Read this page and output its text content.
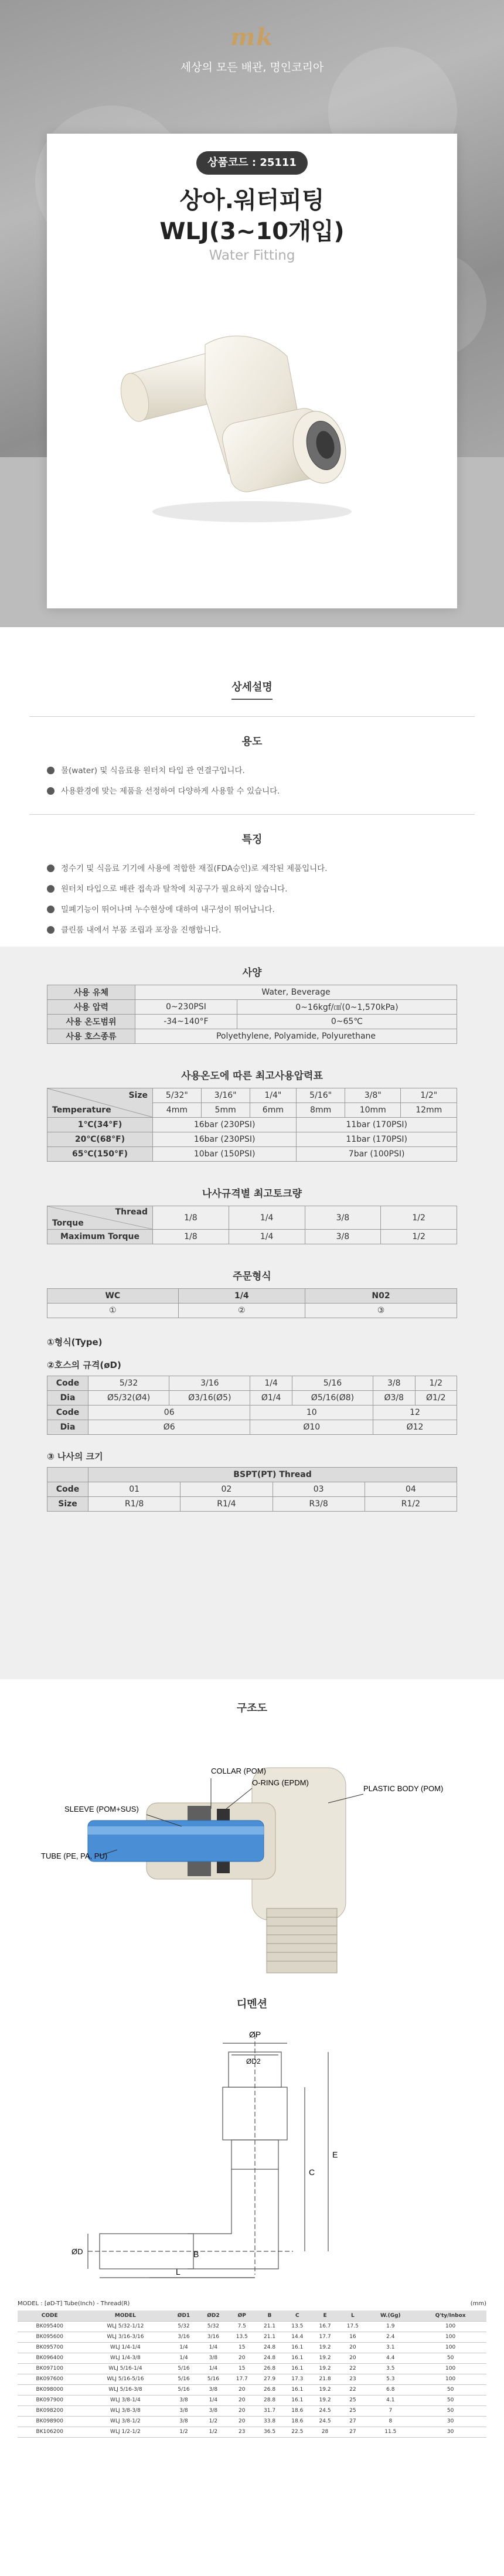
mk
세상의 모든 배관, 명인코리아
상품코드 : 25111
상아.워터피팅
WLJ(3~10개입)
Water Fitting
상세설명
용도
물(water) 및 식음료용 원터치 타입 관 연결구입니다.
사용환경에 맞는 제품을 선정하여 다양하게 사용할 수 있습니다.
특징
정수기 및 식음료 기기에 사용에 적합한 재질(FDA승인)로 제작된 제품입니다.
원터치 타입으로 배관 접속과 탈착에 치공구가 필요하지 않습니다.
밀폐기능이 뛰어나며 누수현상에 대하여 내구성이 뛰어납니다.
클린룸 내에서 부품 조립과 포장을 진행합니다.
사양
사용 유체	Water, Beverage	
사용 압력	0~230PSI	0~16kgf/㎠(0~1,570kPa)
사용 온도범위	-34~140°F	0~65℃
사용 호스종류	Polyethylene, Polyamide, Polyurethane	
사용온도에 따른 최고사용압력표
Size
Temperature	5/32"	3/16"	1/4"	5/16"	3/8"	1/2"
	4mm	5mm	6mm	8mm	10mm	12mm
1℃(34°F)	16bar (230PSI)			11bar (170PSI)		
20℃(68°F)	16bar (230PSI)			11bar (170PSI)		
65℃(150°F)	10bar (150PSI)			7bar (100PSI)		
나사규격별 최고토크량
Thread
Torque	1/8	1/4	3/8	1/2
Maximum Torque	1/8	1/4	3/8	1/2
주문형식
WC	1/4	N02
①	②	③
①형식(Type)
②호스의 규격(øD)
Code	5/32	3/16	1/4	5/16	3/8	1/2
Dia	Ø5/32(Ø4)	Ø3/16(Ø5)	Ø1/4	Ø5/16(Ø8)	Ø3/8	Ø1/2
Code	06		10		12	
Dia	Ø6		Ø10		Ø12	
③ 나사의 크기
	BSPT(PT) Thread			
Code	01	02	03	04
Size	R1/8	R1/4	R3/8	R1/2
구조도
COLLAR (POM)
O-RING (EPDM)
SLEEVE (POM+SUS)
PLASTIC BODY (POM)
TUBE (PE, PA, PU)
디멘션
ØP
ØD2
ØD	B
L
C
E
MODEL : [øD-T] Tube(Inch) - Thread(R)	(mm)
CODE	MODEL	ØD1	ØD2	ØP	B	C	E	L	W.(Gg)	Q'ty/Inbox
BK095400	WLJ 5/32-1/12	5/32	5/32	7.5	21.1	13.5	16.7	17.5	1.9	100
BK095600	WLJ 3/16-3/16	3/16	3/16	13.5	21.1	14.4	17.7	16	2.4	100
BK095700	WLJ 1/4-1/4	1/4	1/4	15	24.8	16.1	19.2	20	3.1	100
BK096400	WLJ 1/4-3/8	1/4	3/8	20	24.8	16.1	19.2	20	4.4	50
BK097100	WLJ 5/16-1/4	5/16	1/4	15	26.8	16.1	19.2	22	3.5	100
BK097600	WLJ 5/16-5/16	5/16	5/16	17.7	27.9	17.3	21.8	23	5.3	100
BK098000	WLJ 5/16-3/8	5/16	3/8	20	26.8	16.1	19.2	22	6.8	50
BK097900	WLJ 3/8-1/4	3/8	1/4	20	28.8	16.1	19.2	25	4.1	50
BK098200	WLJ 3/8-3/8	3/8	3/8	20	31.7	18.6	24.5	25	7	50
BK098900	WLJ 3/8-1/2	3/8	1/2	20	33.8	18.6	24.5	27	8	30
BK106200	WLJ 1/2-1/2	1/2	1/2	23	36.5	22.5	28	27	11.5	30
